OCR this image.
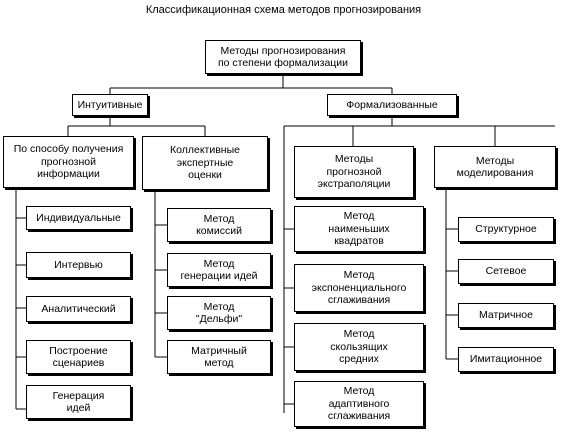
Классификационная схема методов прогнозирования
Методы прогнозирования
по степени формализации
Интуитивные	Формализованные
По способу получения
прогнозной
информации
Коллективные
экспертные
оценки
Методы
прогнозной
экстраполяции
Методы
моделирования
Индивидуальные
Интервью
Аналитический
Построение
сценариев
Генерация
идей
Метод
комиссий
Метод
генерации идей
Метод
"Дельфи"
Матричный
метод
Метод
наименьших
квадратов
Метод
экспоненциального
сглаживания
Метод
скользящих
средних
Метод
адаптивного
сглаживания
Структурное
Сетевое
Матричное
Имитационное
